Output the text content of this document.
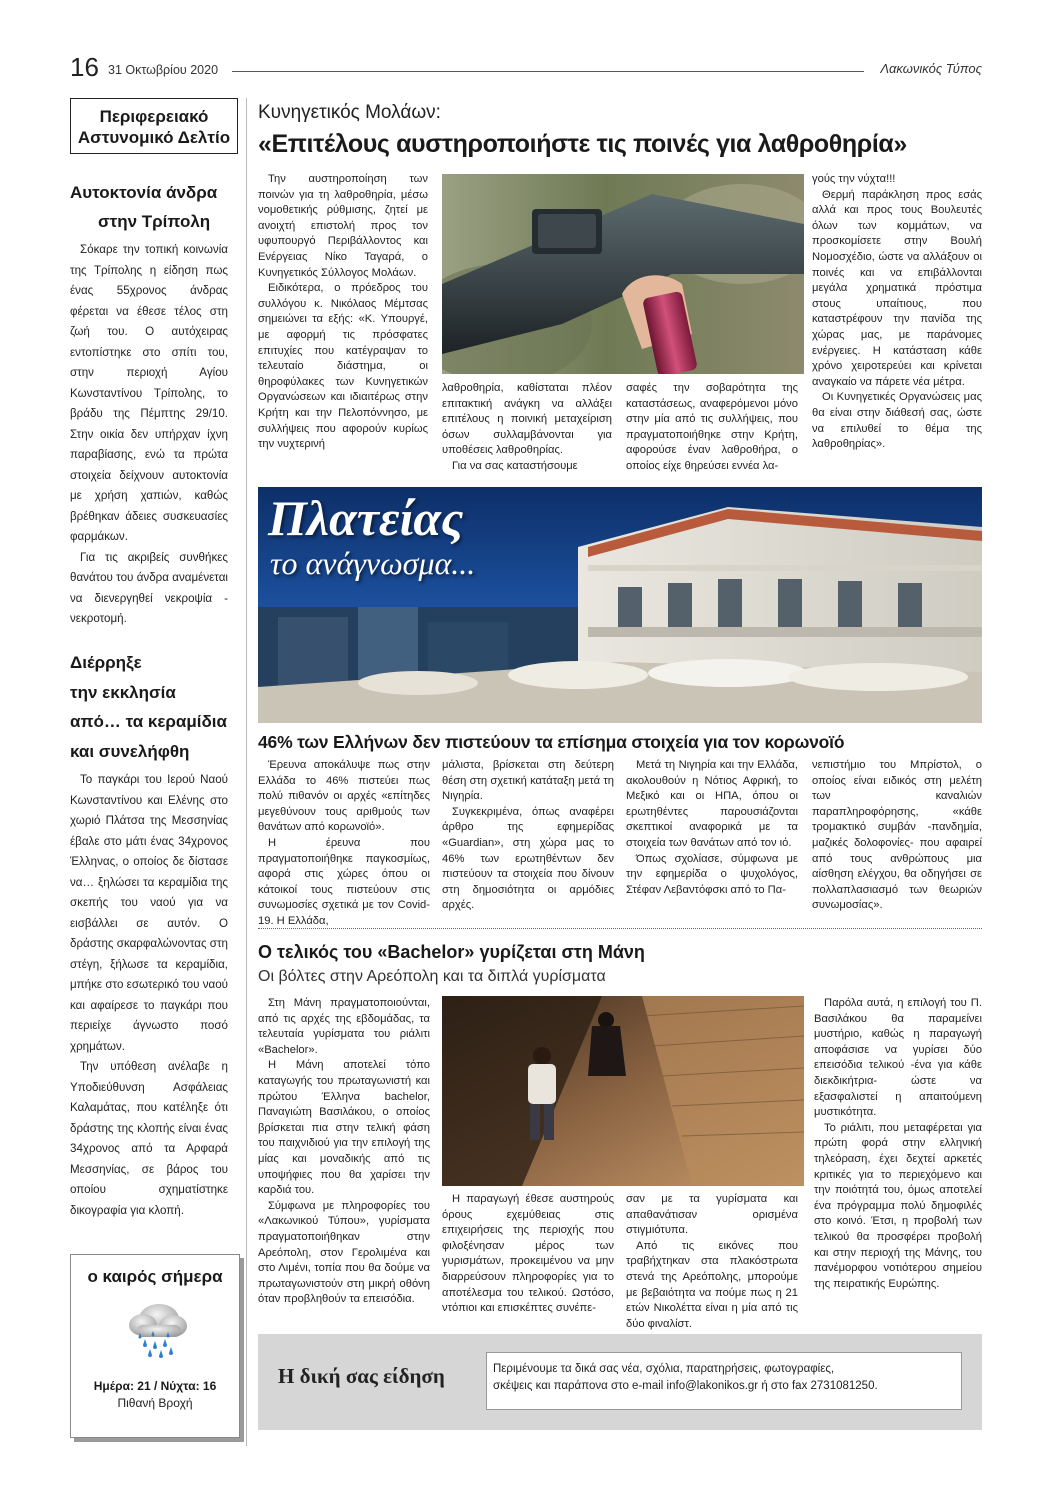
16 31 Οκτωβρίου 2020	Λακωνικός Τύπος
Περιφερειακό
Αστυνομικό Δελτίο
Αυτοκτονία άνδρα
στην Τρίπολη

Σόκαρε την τοπική κοινωνία της Τρίπολης η είδηση πως ένας 55χρονος άνδρας φέρεται να έθεσε τέλος στη ζωή του. Ο αυτόχειρας εντοπίστηκε στο σπίτι του, στην περιοχή Αγίου Κωνσταντίνου Τρίπολης, το βράδυ της Πέμπτης 29/10. Στην οικία δεν υπήρχαν ίχνη παραβίασης, ενώ τα πρώτα στοιχεία δείχνουν αυτοκτονία με χρήση χαπιών, καθώς βρέθηκαν άδειες συσκευασίες φαρμάκων.

Για τις ακριβείς συνθήκες θανάτου του άνδρα αναμένεται να διενεργηθεί νεκροψία - νεκροτομή.

Διέρρηξε
την εκκλησία
από… τα κεραμίδια
και συνελήφθη

Το παγκάρι του Ιερού Ναού Κωνσταντίνου και Ελένης στο χωριό Πλάτσα της Μεσσηνίας έβαλε στο μάτι ένας 34χρονος Έλληνας, ο οποίος δε δίστασε να… ξηλώσει τα κεραμίδια της σκεπής του ναού για να εισβάλλει σε αυτόν. Ο δράστης σκαρφαλώνοντας στη στέγη, ξήλωσε τα κεραμίδια, μπήκε στο εσωτερικό του ναού και αφαίρεσε το παγκάρι που περιείχε άγνωστο ποσό χρημάτων.

Την υπόθεση ανέλαβε η Υποδιεύθυνση Ασφάλειας Καλαμάτας, που κατέληξε ότι δράστης της κλοπής είναι ένας 34χρονος από τα Αρφαρά Μεσσηνίας, σε βάρος του οποίου σχηματίστηκε δικογραφία για κλοπή.

ο καιρός σήμερα
Ημέρα: 21 / Νύχτα: 16
Πιθανή Βροχή
Κυνηγετικός Μολάων:
«Επιτέλους αυστηροποιήστε τις ποινές για λαθροθηρία»

Την αυστηροποίηση των ποινών για τη λαθροθηρία, μέσω νομοθετικής ρύθμισης, ζητεί με ανοιχτή επιστολή προς τον υφυπουργό Περιβάλλοντος και Ενέργειας Νίκο Ταγαρά, ο Κυνηγετικός Σύλλογος Μολάων.

Ειδικότερα, ο πρόεδρος του συλλόγου κ. Νικόλαος Μέμτσας σημειώνει τα εξής: «Κ. Υπουργέ, με αφορμή τις πρόσφατες επιτυχίες που κατέγραψαν το τελευταίο διάστημα, οι θηροφύλακες των Κυνηγετικών Οργανώσεων και ιδιαιτέρως στην Κρήτη και την Πελοπόννησο, με συλλήψεις που αφορούν κυρίως την νυχτερινή

λαθροθηρία, καθίσταται πλέον επιτακτική ανάγκη να αλλάξει επιτέλους η ποινική μεταχείριση όσων συλλαμβάνονται για υποθέσεις λαθροθηρίας.

Για να σας καταστήσουμε

σαφές την σοβαρότητα της καταστάσεως, αναφερόμενοι μόνο στην μία από τις συλλήψεις, που πραγματοποιήθηκε στην Κρήτη, αφορούσε έναν λαθροθήρα, ο οποίος είχε θηρεύσει εννέα λα-

γούς την νύχτα!!!

Θερμή παράκληση προς εσάς αλλά και προς τους Βουλευτές όλων των κομμάτων, να προσκομίσετε στην Βουλή Νομοσχέδιο, ώστε να αλλάξουν οι ποινές και να επιβάλλονται μεγάλα χρηματικά πρόστιμα στους υπαίτιους, που καταστρέφουν την πανίδα της χώρας μας, με παράνομες ενέργειες. Η κατάσταση κάθε χρόνο χειροτερεύει και κρίνεται αναγκαίο να πάρετε νέα μέτρα.

Οι Κυνηγετικές Οργανώσεις μας θα είναι στην διάθεσή σας, ώστε να επιλυθεί το θέμα της λαθροθηρίας».

Πλατείας
το ανάγνωσμα...
46% των Ελλήνων δεν πιστεύουν τα επίσημα στοιχεία για τον κορωνοϊό

Έρευνα αποκάλυψε πως στην Ελλάδα το 46% πιστεύει πως πολύ πιθανόν οι αρχές «επίτηδες μεγεθύνουν τους αριθμούς των θανάτων από κορωνοϊό».

Η έρευνα που πραγματοποιήθηκε παγκοσμίως, αφορά στις χώρες όπου οι κάτοικοί τους πιστεύουν στις συνωμοσίες σχετικά με τον Covid-19. Η Ελλάδα,

μάλιστα, βρίσκεται στη δεύτερη θέση στη σχετική κατάταξη μετά τη Νιγηρία.

Συγκεκριμένα, όπως αναφέρει άρθρο της εφημερίδας «Guardian», στη χώρα μας το 46% των ερωτηθέντων δεν πιστεύουν τα στοιχεία που δίνουν στη δημοσιότητα οι αρμόδιες αρχές.

Μετά τη Νιγηρία και την Ελλάδα, ακολουθούν η Νότιος Αφρική, το Μεξικό και οι ΗΠΑ, όπου οι ερωτηθέντες παρουσιάζονται σκεπτικοί αναφορικά με τα στοιχεία των θανάτων από τον ιό.

Όπως σχολίασε, σύμφωνα με την εφημερίδα ο ψυχολόγος, Στέφαν Λεβαντόφσκι από το Πα-

νεπιστήμιο του Μπρίστολ, ο οποίος είναι ειδικός στη μελέτη των καναλιών παραπληροφόρησης, «κάθε τρομακτικό συμβάν -πανδημία, μαζικές δολοφονίες- που αφαιρεί από τους ανθρώπους μια αίσθηση ελέγχου, θα οδηγήσει σε πολλαπλασιασμό των θεωριών συνωμοσίας».

Ο τελικός του «Bachelor» γυρίζεται στη Μάνη
Οι βόλτες στην Αρεόπολη και τα διπλά γυρίσματα

Στη Μάνη πραγματοποιούνται, από τις αρχές της εβδομάδας, τα τελευταία γυρίσματα του ριάλιτι «Bachelor».

Η Μάνη αποτελεί τόπο καταγωγής του πρωταγωνιστή και πρώτου Έλληνα bachelor, Παναγιώτη Βασιλάκου, ο οποίος βρίσκεται πια στην τελική φάση του παιχνιδιού για την επιλογή της μίας και μοναδικής από τις υποψήφιες που θα χαρίσει την καρδιά του.

Σύμφωνα με πληροφορίες του «Λακωνικού Τύπου», γυρίσματα πραγματοποιήθηκαν στην Αρεόπολη, στον Γερολιμένα και στο Λιμένι, τοπία που θα δούμε να πρωταγωνιστούν στη μικρή οθόνη όταν προβληθούν τα επεισόδια.

Η παραγωγή έθεσε αυστηρούς όρους εχεμύθειας στις επιχειρήσεις της περιοχής που φιλοξένησαν μέρος των γυρισμάτων, προκειμένου να μην διαρρεύσουν πληροφορίες για το αποτέλεσμα του τελικού. Ωστόσο, ντόπιοι και επισκέπτες συνέπε-

σαν με τα γυρίσματα και απαθανάτισαν ορισμένα στιγμιότυπα.

Από τις εικόνες που τραβήχτηκαν στα πλακόστρωτα στενά της Αρεόπολης, μπορούμε με βεβαιότητα να πούμε πως η 21 ετών Νικολέττα είναι η μία από τις δύο φιναλίστ.

Παρόλα αυτά, η επιλογή του Π. Βασιλάκου θα παραμείνει μυστήριο, καθώς η παραγωγή αποφάσισε να γυρίσει δύο επεισόδια τελικού -ένα για κάθε διεκδικήτρια- ώστε να εξασφαλιστεί η απαιτούμενη μυστικότητα.

Το ριάλιτι, που μεταφέρεται για πρώτη φορά στην ελληνική τηλεόραση, έχει δεχτεί αρκετές κριτικές για το περιεχόμενο και την ποιότητά του, όμως αποτελεί ένα πρόγραμμα πολύ δημοφιλές στο κοινό. Έτσι, η προβολή των τελικού θα προσφέρει προβολή και στην περιοχή της Μάνης, του πανέμορφου νοτιότερου σημείου της πειρατικής Ευρώπης.

Η δική σας είδηση	Περιμένουμε τα δικά σας νέα, σχόλια, παρατηρήσεις, φωτογραφίες,
σκέψεις και παράπονα στο e-mail info@lakonikos.gr ή στο fax 2731081250.
